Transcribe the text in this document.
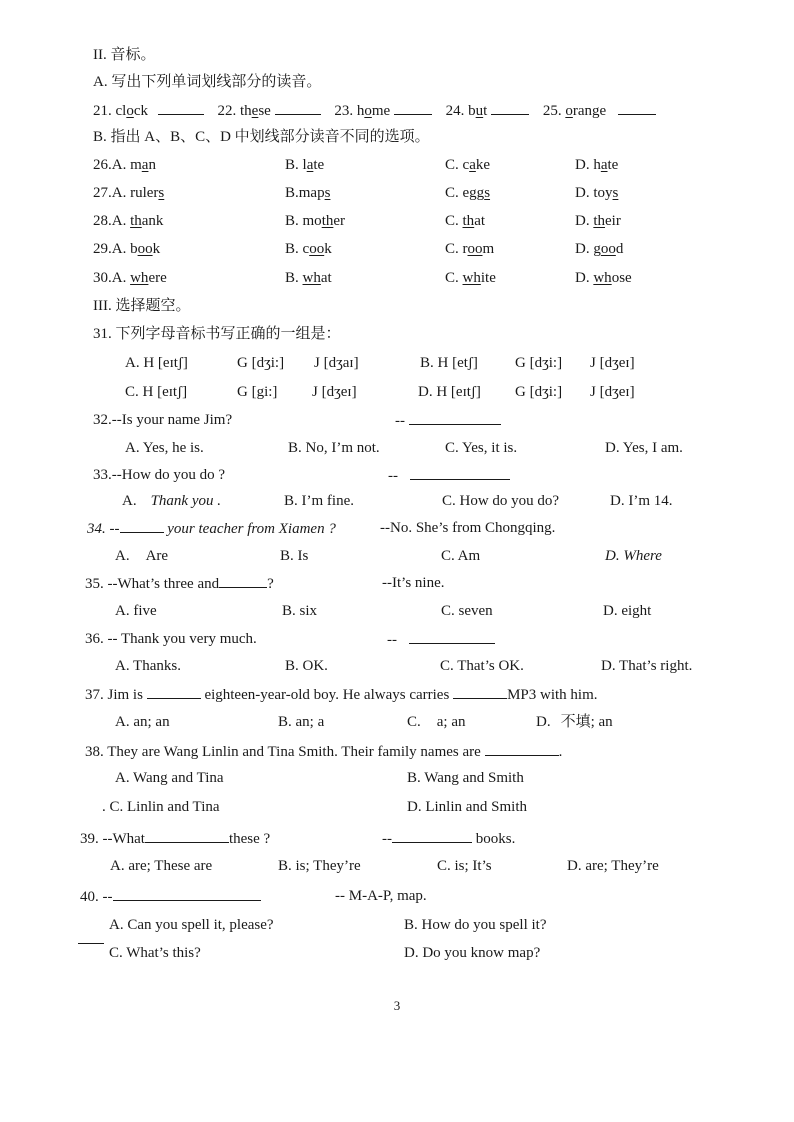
II. 音标。
A. 写出下列单词划线部分的读音。
21. clock	22. these	23. home	24. but	25. orange
B. 指出 A、B、C、D 中划线部分读音不同的选项。
26.A. man	B. late	C. cake	D. hate
27.A. rulers	B.maps	C. eggs	D. toys
28.A. thank	B. mother	C. that	D. their
29.A. book	B. cook	C. room	D. good
30.A. where	B. what	C. white	D. whose
III. 选择题空。
31. 下列字母音标书写正确的一组是：
A. H [eɪtʃ]	G [dʒi:] J [dʒaɪ]	B. H [etʃ] G [dʒi:] J [dʒeɪ]
C. H [eɪtʃ]	G [gi:] J [dʒeɪ]	D. H [eɪtʃ] G [dʒi:] J [dʒeɪ]
32.--Is your name Jim?	--
A. Yes, he is.	B. No, I’m not.	C. Yes, it is.	D. Yes, I am.
33.--How do you do ?	--
A. Thank you .	B. I’m fine.	C. How do you do?	D. I’m 14.
34. --	your teacher from Xiamen ?	--No. She’s from Chongqing.
A. Are	B. Is	C. Am	D. Where
35. --What’s three and	?	--It’s nine.
A. five	B. six	C. seven	D. eight
36. -- Thank you very much.	--
A. Thanks.	B. OK.	C. That’s OK.	D. That’s right.
37. Jim is	eighteen-year-old boy. He always carries	MP3 with him.
A. an; an	B. an; a	C. a; an	D. 不填; an
38. They are Wang Linlin and Tina Smith. Their family names are	.
A. Wang and Tina	B. Wang and Smith
. C. Linlin and Tina	D. Linlin and Smith
39. --What	these ?	--	books.
A. are; These are	B. is; They’re	C. is; It’s	D. are; They’re
40. --	-- M-A-P, map.
A. Can you spell it, please?	B. How do you spell it?
C. What’s this?	D. Do you know map?
3
